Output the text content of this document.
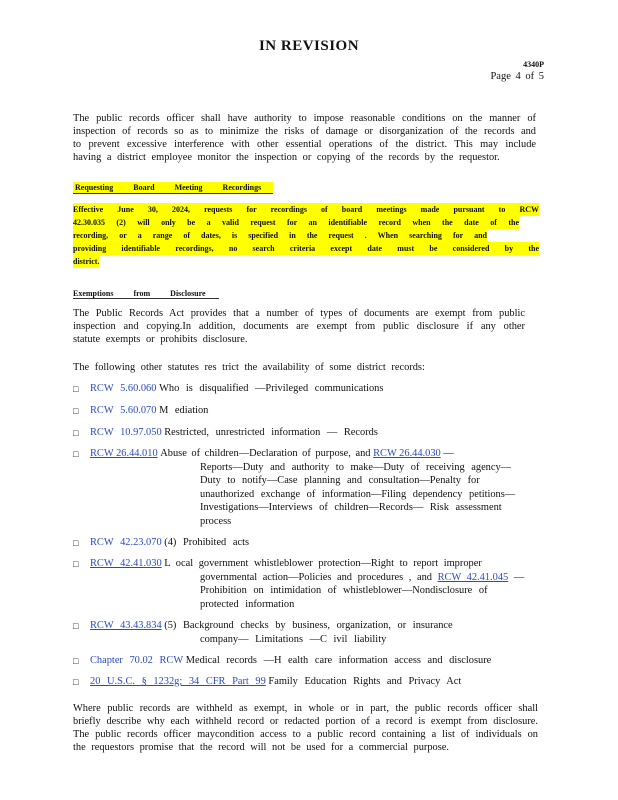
IN REVISION
4340P
Page 4 of 5
The public records officer shall have authority to impose reasonable conditions on the manner of inspection of records so as to minimize the risks of damage or disorganization of the records and to prevent excessive interference with other essential operations of the district. This may include having a district employee monitor the inspection or copying of the records by the requestor.
Requesting Board Meeting Recordings
Effective June 30, 2024, requests for recordings of board meetings made pursuant to RCW
42.30.035 (2) will only be a valid request for an identifiable record when the date of the
recording, or a range of dates, is specified in the request . When searching for and
providing identifiable recordings, no search criteria except date must be considered by the
district.
Exemptions from Disclosure
The Public Records Act provides that a number of types of documents are exempt from public inspection and copying.In addition, documents are exempt from public disclosure if any other statute exempts or prohibits disclosure.
The following other statutes res trict the availability of some district records:
□ RCW 5.60.060 Who is disqualified —Privileged communications
□ RCW 5.60.070 M ediation
□ RCW 10.97.050 Restricted, unrestricted information — Records
□ RCW 26.44.010 Abuse of children—Declaration of purpose, and RCW 26.44.030 —
Reports—Duty and authority to make—Duty of receiving agency—
Duty to notify—Case planning and consultation—Penalty for
unauthorized exchange of information—Filing dependency petitions—
Investigations—Interviews of children—Records— Risk assessment
process
□ RCW 42.23.070 (4) Prohibited acts
□ RCW 42.41.030 L ocal government whistleblower protection—Right to report improper
governmental action—Policies and procedures , and RCW 42.41.045 —
Prohibition on intimidation of whistleblower—Nondisclosure of
protected information
□ RCW 43.43.834 (5) Background checks by business, organization, or insurance
company— Limitations —C ivil liability
□ Chapter 70.02 RCW Medical records —H ealth care information access and disclosure
□ 20 U.S.C. § 1232g; 34 CFR Part 99 Family Education Rights and Privacy Act
Where public records are withheld as exempt, in whole or in part, the public records officer shall briefly describe why each withheld record or redacted portion of a record is exempt from disclosure. The public records officer maycondition access to a public record containing a list of individuals on the requestors promise that the record will not be used for a commercial purpose.
